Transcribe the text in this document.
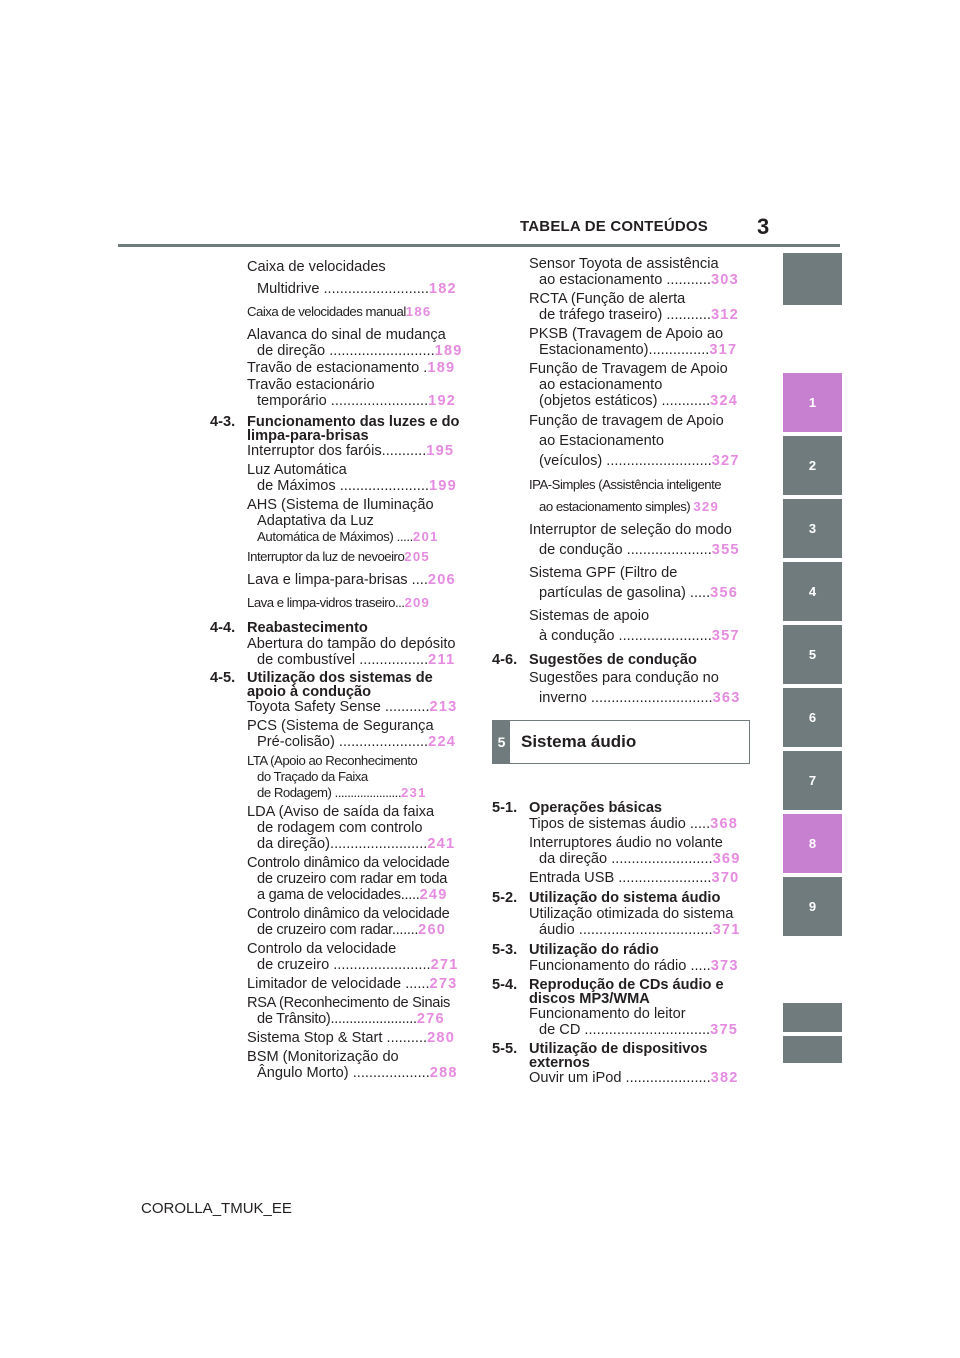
TABELA DE CONTEÚDOS 3
1
2
3
4
5
6
7
8
9
Caixa de velocidades
Multidrive ..........................182
Caixa de velocidades manual186
Alavanca do sinal de mudança
de direção ..........................189
Travão de estacionamento .189
Travão estacionário
temporário ........................192
4-3. Funcionamento das luzes e do limpa-para-brisas
Interruptor dos faróis...........195
Luz Automática
de Máximos ......................199
AHS (Sistema de Iluminação
Adaptativa da Luz
Automática de Máximos) .....201
Interruptor da luz de nevoeiro205
Lava e limpa-para-brisas ....206
Lava e limpa-vidros traseiro...209
4-4. Reabastecimento
Abertura do tampão do depósito
de combustível .................211
4-5. Utilização dos sistemas de apoio à condução
Toyota Safety Sense ...........213
PCS (Sistema de Segurança
Pré-colisão) ......................224
LTA (Apoio ao Reconhecimento
do Traçado da Faixa
de Rodagem) .....................231
LDA (Aviso de saída da faixa
de rodagem com controlo
da direção)........................241
Controlo dinâmico da velocidade
de cruzeiro com radar em toda
a gama de velocidades.....249
Controlo dinâmico da velocidade
de cruzeiro com radar.......260
Controlo da velocidade
de cruzeiro ........................271
Limitador de velocidade ......273
RSA (Reconhecimento de Sinais
de Trânsito).......................276
Sistema Stop & Start ..........280
BSM (Monitorização do
Ângulo Morto) ...................288
Sensor Toyota de assistência
ao estacionamento ...........303
RCTA (Função de alerta
de tráfego traseiro) ...........312
PKSB (Travagem de Apoio ao
Estacionamento)...............317
Função de Travagem de Apoio
ao estacionamento
(objetos estáticos) ............324
Função de travagem de Apoio
ao Estacionamento
(veículos) ..........................327
IPA-Simples (Assistência inteligente
ao estacionamento simples) 329
Interruptor de seleção do modo
de condução .....................355
Sistema GPF (Filtro de
partículas de gasolina) .....356
Sistemas de apoio
à condução .......................357
4-6. Sugestões de condução
Sugestões para condução no
inverno ..............................363
5 Sistema áudio
5-1. Operações básicas
Tipos de sistemas áudio .....368
Interruptores áudio no volante
da direção .........................369
Entrada USB .......................370
5-2. Utilização do sistema áudio
Utilização otimizada do sistema
áudio .................................371
5-3. Utilização do rádio
Funcionamento do rádio .....373
5-4. Reprodução de CDs áudio e discos MP3/WMA
Funcionamento do leitor
de CD ...............................375
5-5. Utilização de dispositivos externos
Ouvir um iPod .....................382
COROLLA_TMUK_EE
